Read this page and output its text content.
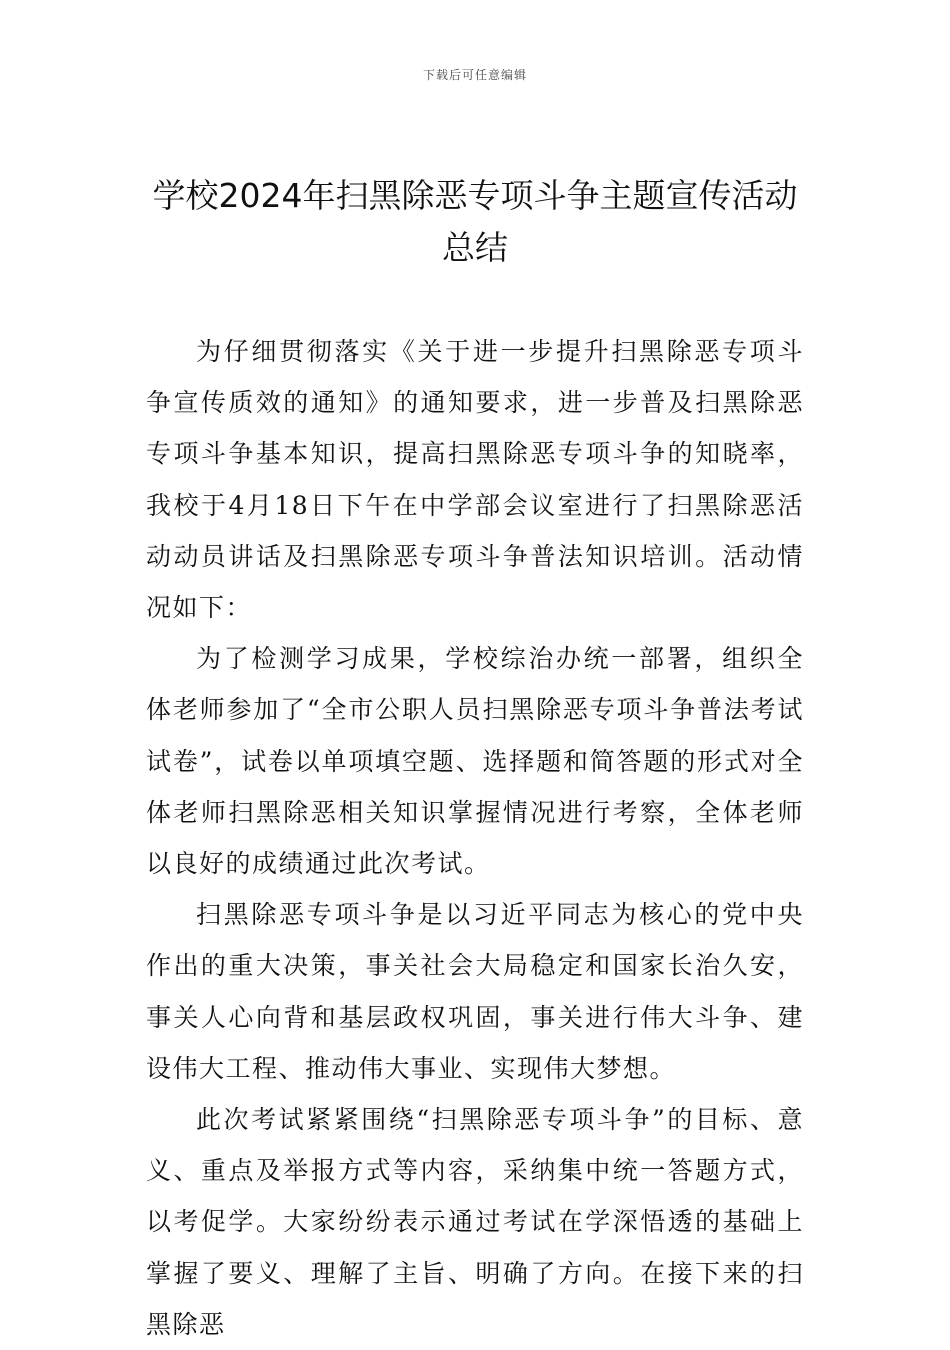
下载后可任意编辑
学校2024年扫黑除恶专项斗争主题宣传活动总结

为仔细贯彻落实《关于进一步提升扫黑除恶专项斗争宣传质效的通知》的通知要求，进一步普及扫黑除恶专项斗争基本知识，提高扫黑除恶专项斗争的知晓率，我校于4月18日下午在中学部会议室进行了扫黑除恶活动动员讲话及扫黑除恶专项斗争普法知识培训。活动情况如下：

为了检测学习成果，学校综治办统一部署，组织全体老师参加了“全市公职人员扫黑除恶专项斗争普法考试试卷”，试卷以单项填空题、选择题和简答题的形式对全体老师扫黑除恶相关知识掌握情况进行考察，全体老师以良好的成绩通过此次考试。

扫黑除恶专项斗争是以习近平同志为核心的党中央作出的重大决策，事关社会大局稳定和国家长治久安，事关人心向背和基层政权巩固，事关进行伟大斗争、建设伟大工程、推动伟大事业、实现伟大梦想。

此次考试紧紧围绕“扫黑除恶专项斗争”的目标、意义、重点及举报方式等内容，采纳集中统一答题方式，以考促学。大家纷纷表示通过考试在学深悟透的基础上掌握了要义、理解了主旨、明确了方向。在接下来的扫黑除恶
